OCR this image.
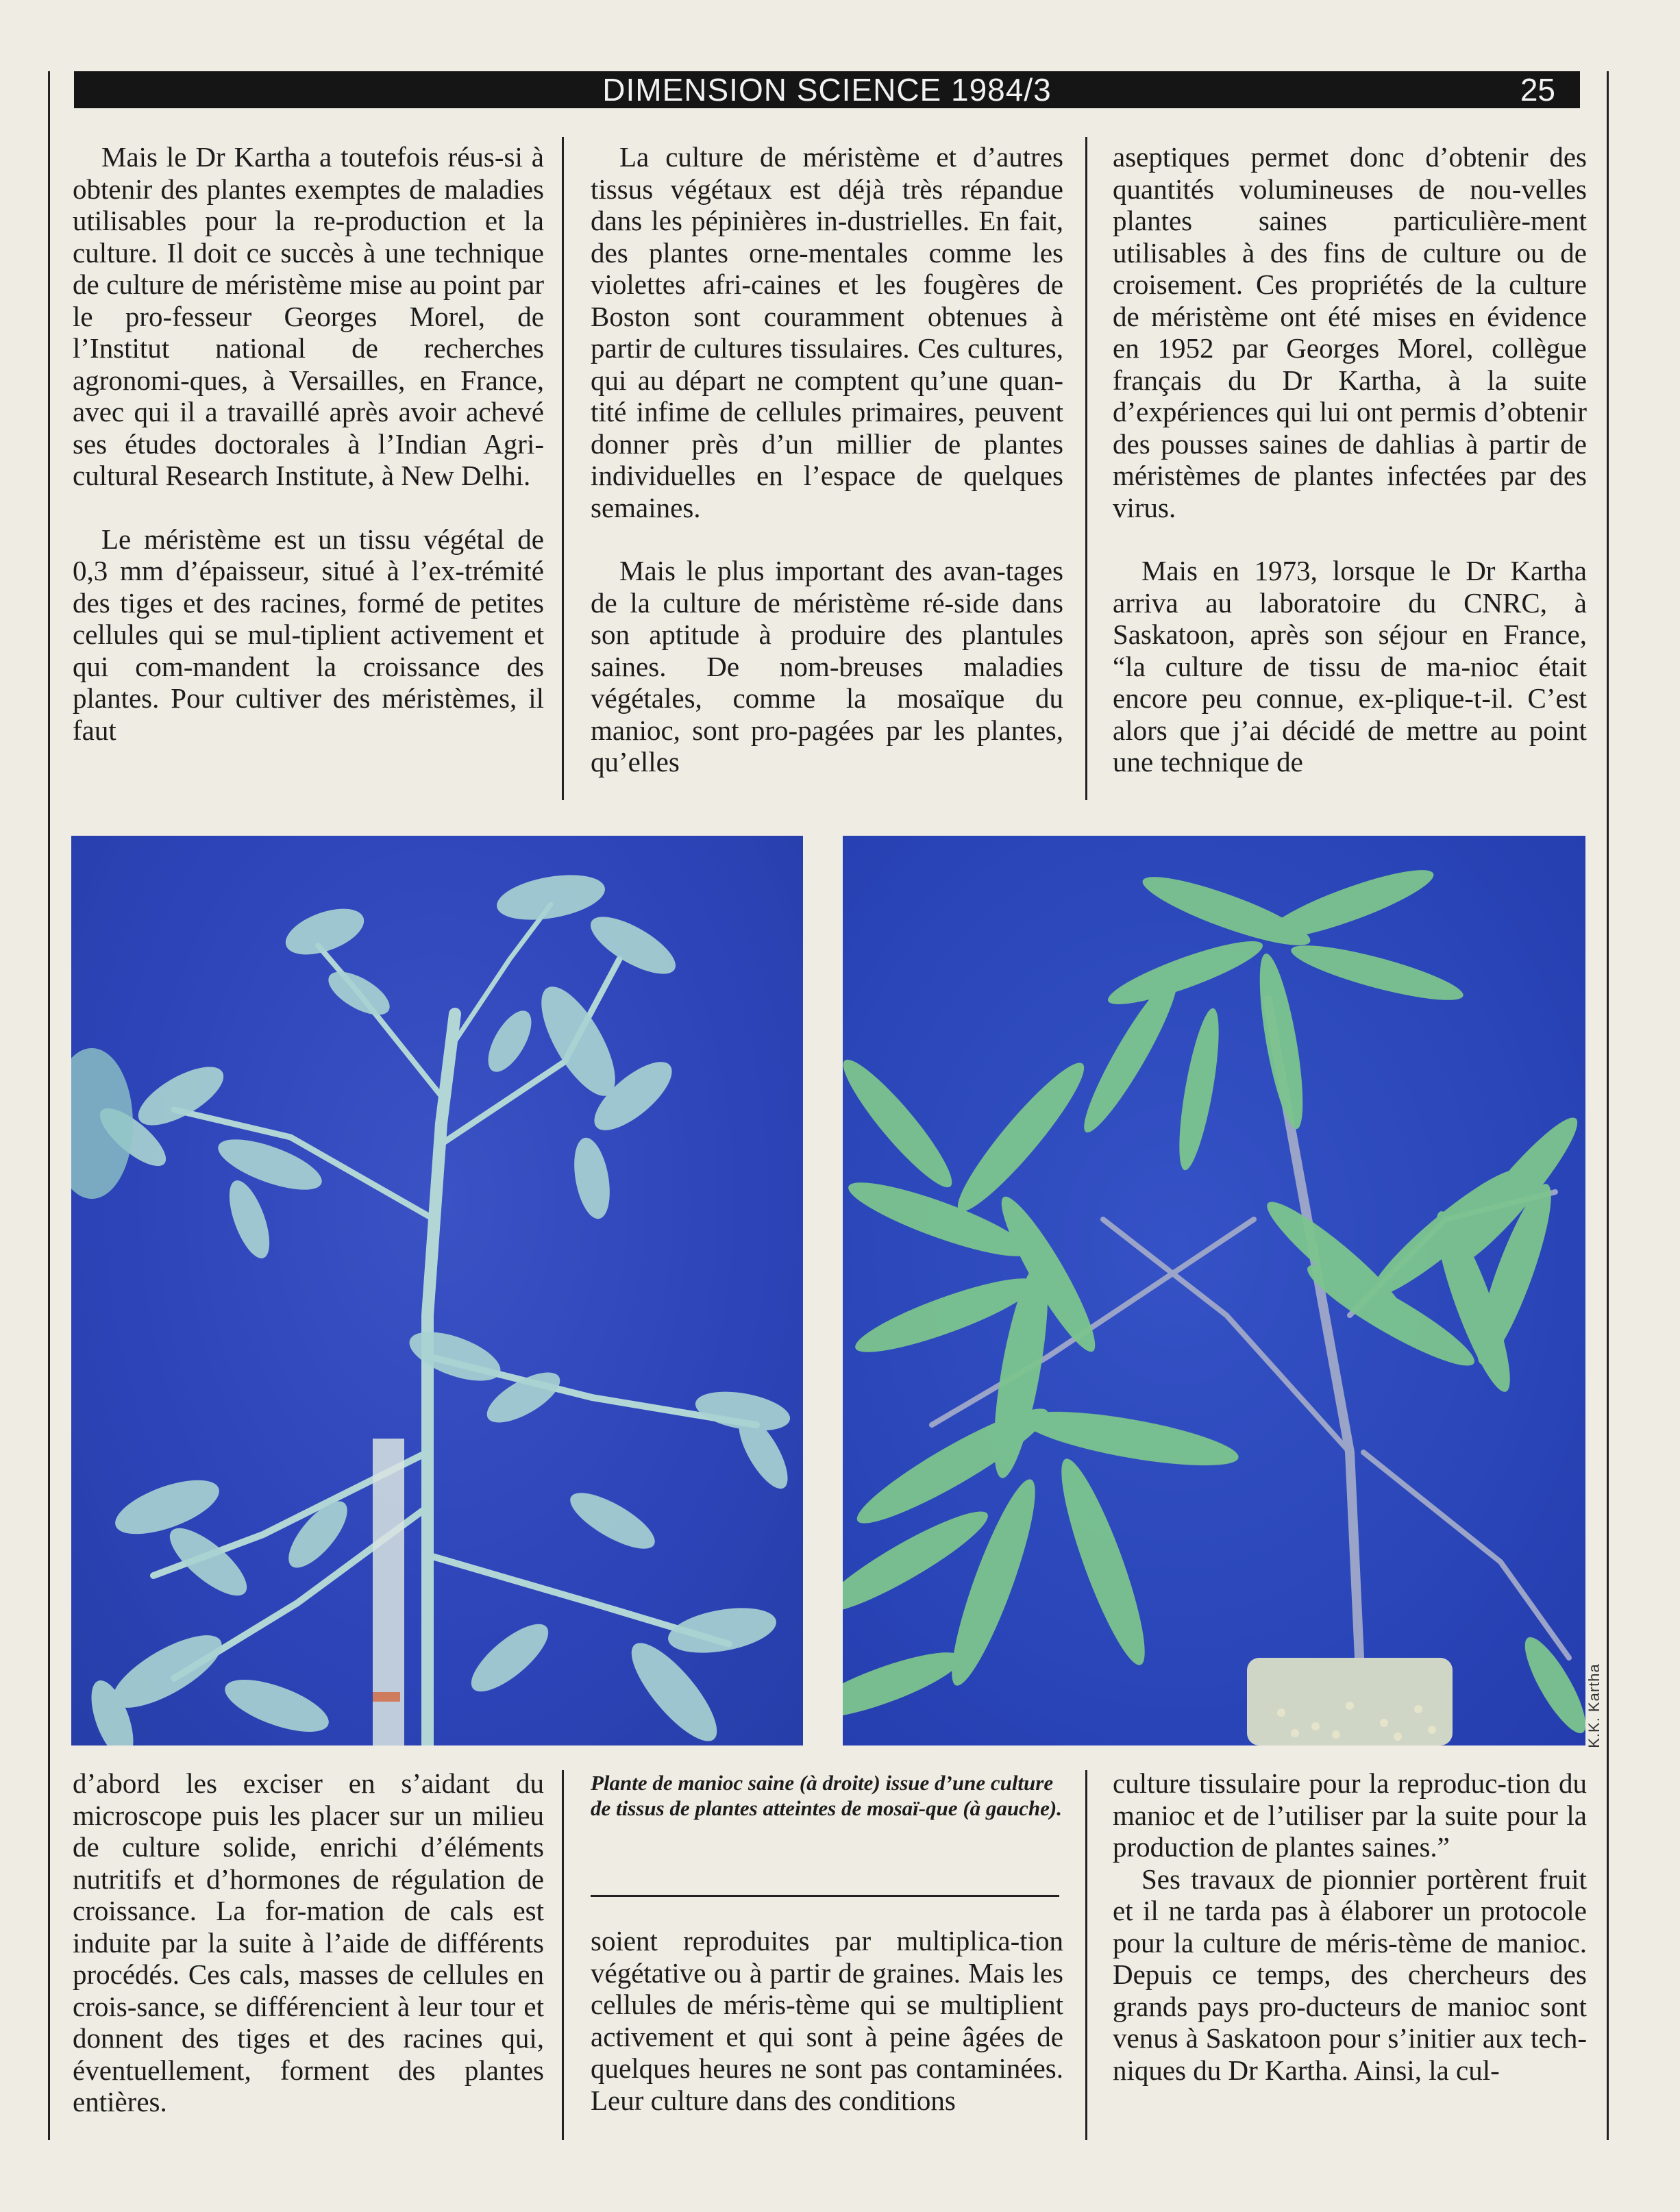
DIMENSION SCIENCE 1984/3	25

Mais le Dr Kartha a toutefois réus-si à obtenir des plantes exemptes de maladies utilisables pour la re-production et la culture. Il doit ce succès à une technique de culture de méristème mise au point par le pro-fesseur Georges Morel, de l’Institut national de recherches agronomi-ques, à Versailles, en France, avec qui il a travaillé après avoir achevé ses études doctorales à l’Indian Agri-cultural Research Institute, à New Delhi.

Le méristème est un tissu végétal de 0,3 mm d’épaisseur, situé à l’ex-trémité des tiges et des racines, formé de petites cellules qui se mul-tiplient activement et qui com-mandent la croissance des plantes. Pour cultiver des méristèmes, il faut

La culture de méristème et d’autres tissus végétaux est déjà très répandue dans les pépinières in-dustrielles. En fait, des plantes orne-mentales comme les violettes afri-caines et les fougères de Boston sont couramment obtenues à partir de cultures tissulaires. Ces cultures, qui au départ ne comptent qu’une quan-tité infime de cellules primaires, peuvent donner près d’un millier de plantes individuelles en l’espace de quelques semaines.

Mais le plus important des avan-tages de la culture de méristème ré-side dans son aptitude à produire des plantules saines. De nom-breuses maladies végétales, comme la mosaïque du manioc, sont pro-pagées par les plantes, qu’elles

aseptiques permet donc d’obtenir des quantités volumineuses de nou-velles plantes saines particulière-ment utilisables à des fins de culture ou de croisement. Ces propriétés de la culture de méristème ont été mises en évidence en 1952 par Georges Morel, collègue français du Dr Kartha, à la suite d’expériences qui lui ont permis d’obtenir des pousses saines de dahlias à partir de méristèmes de plantes infectées par des virus.

Mais en 1973, lorsque le Dr Kartha arriva au laboratoire du CNRC, à Saskatoon, après son séjour en France, “la culture de tissu de ma-nioc était encore peu connue, ex-plique-t-il. C’est alors que j’ai décidé de mettre au point une technique de

K.K. Kartha
Plante de manioc saine (à droite) issue d’une culture de tissus de plantes atteintes de mosaï-que (à gauche).

d’abord les exciser en s’aidant du microscope puis les placer sur un milieu de culture solide, enrichi d’éléments nutritifs et d’hormones de régulation de croissance. La for-mation de cals est induite par la suite à l’aide de différents procédés. Ces cals, masses de cellules en crois-sance, se différencient à leur tour et donnent des tiges et des racines qui, éventuellement, forment des plantes entières.

soient reproduites par multiplica-tion végétative ou à partir de graines. Mais les cellules de méris-tème qui se multiplient activement et qui sont à peine âgées de quelques heures ne sont pas contaminées. Leur culture dans des conditions

culture tissulaire pour la reproduc-tion du manioc et de l’utiliser par la suite pour la production de plantes saines.”

Ses travaux de pionnier portèrent fruit et il ne tarda pas à élaborer un protocole pour la culture de méris-tème de manioc. Depuis ce temps, des chercheurs des grands pays pro-ducteurs de manioc sont venus à Saskatoon pour s’initier aux tech-niques du Dr Kartha. Ainsi, la cul-
